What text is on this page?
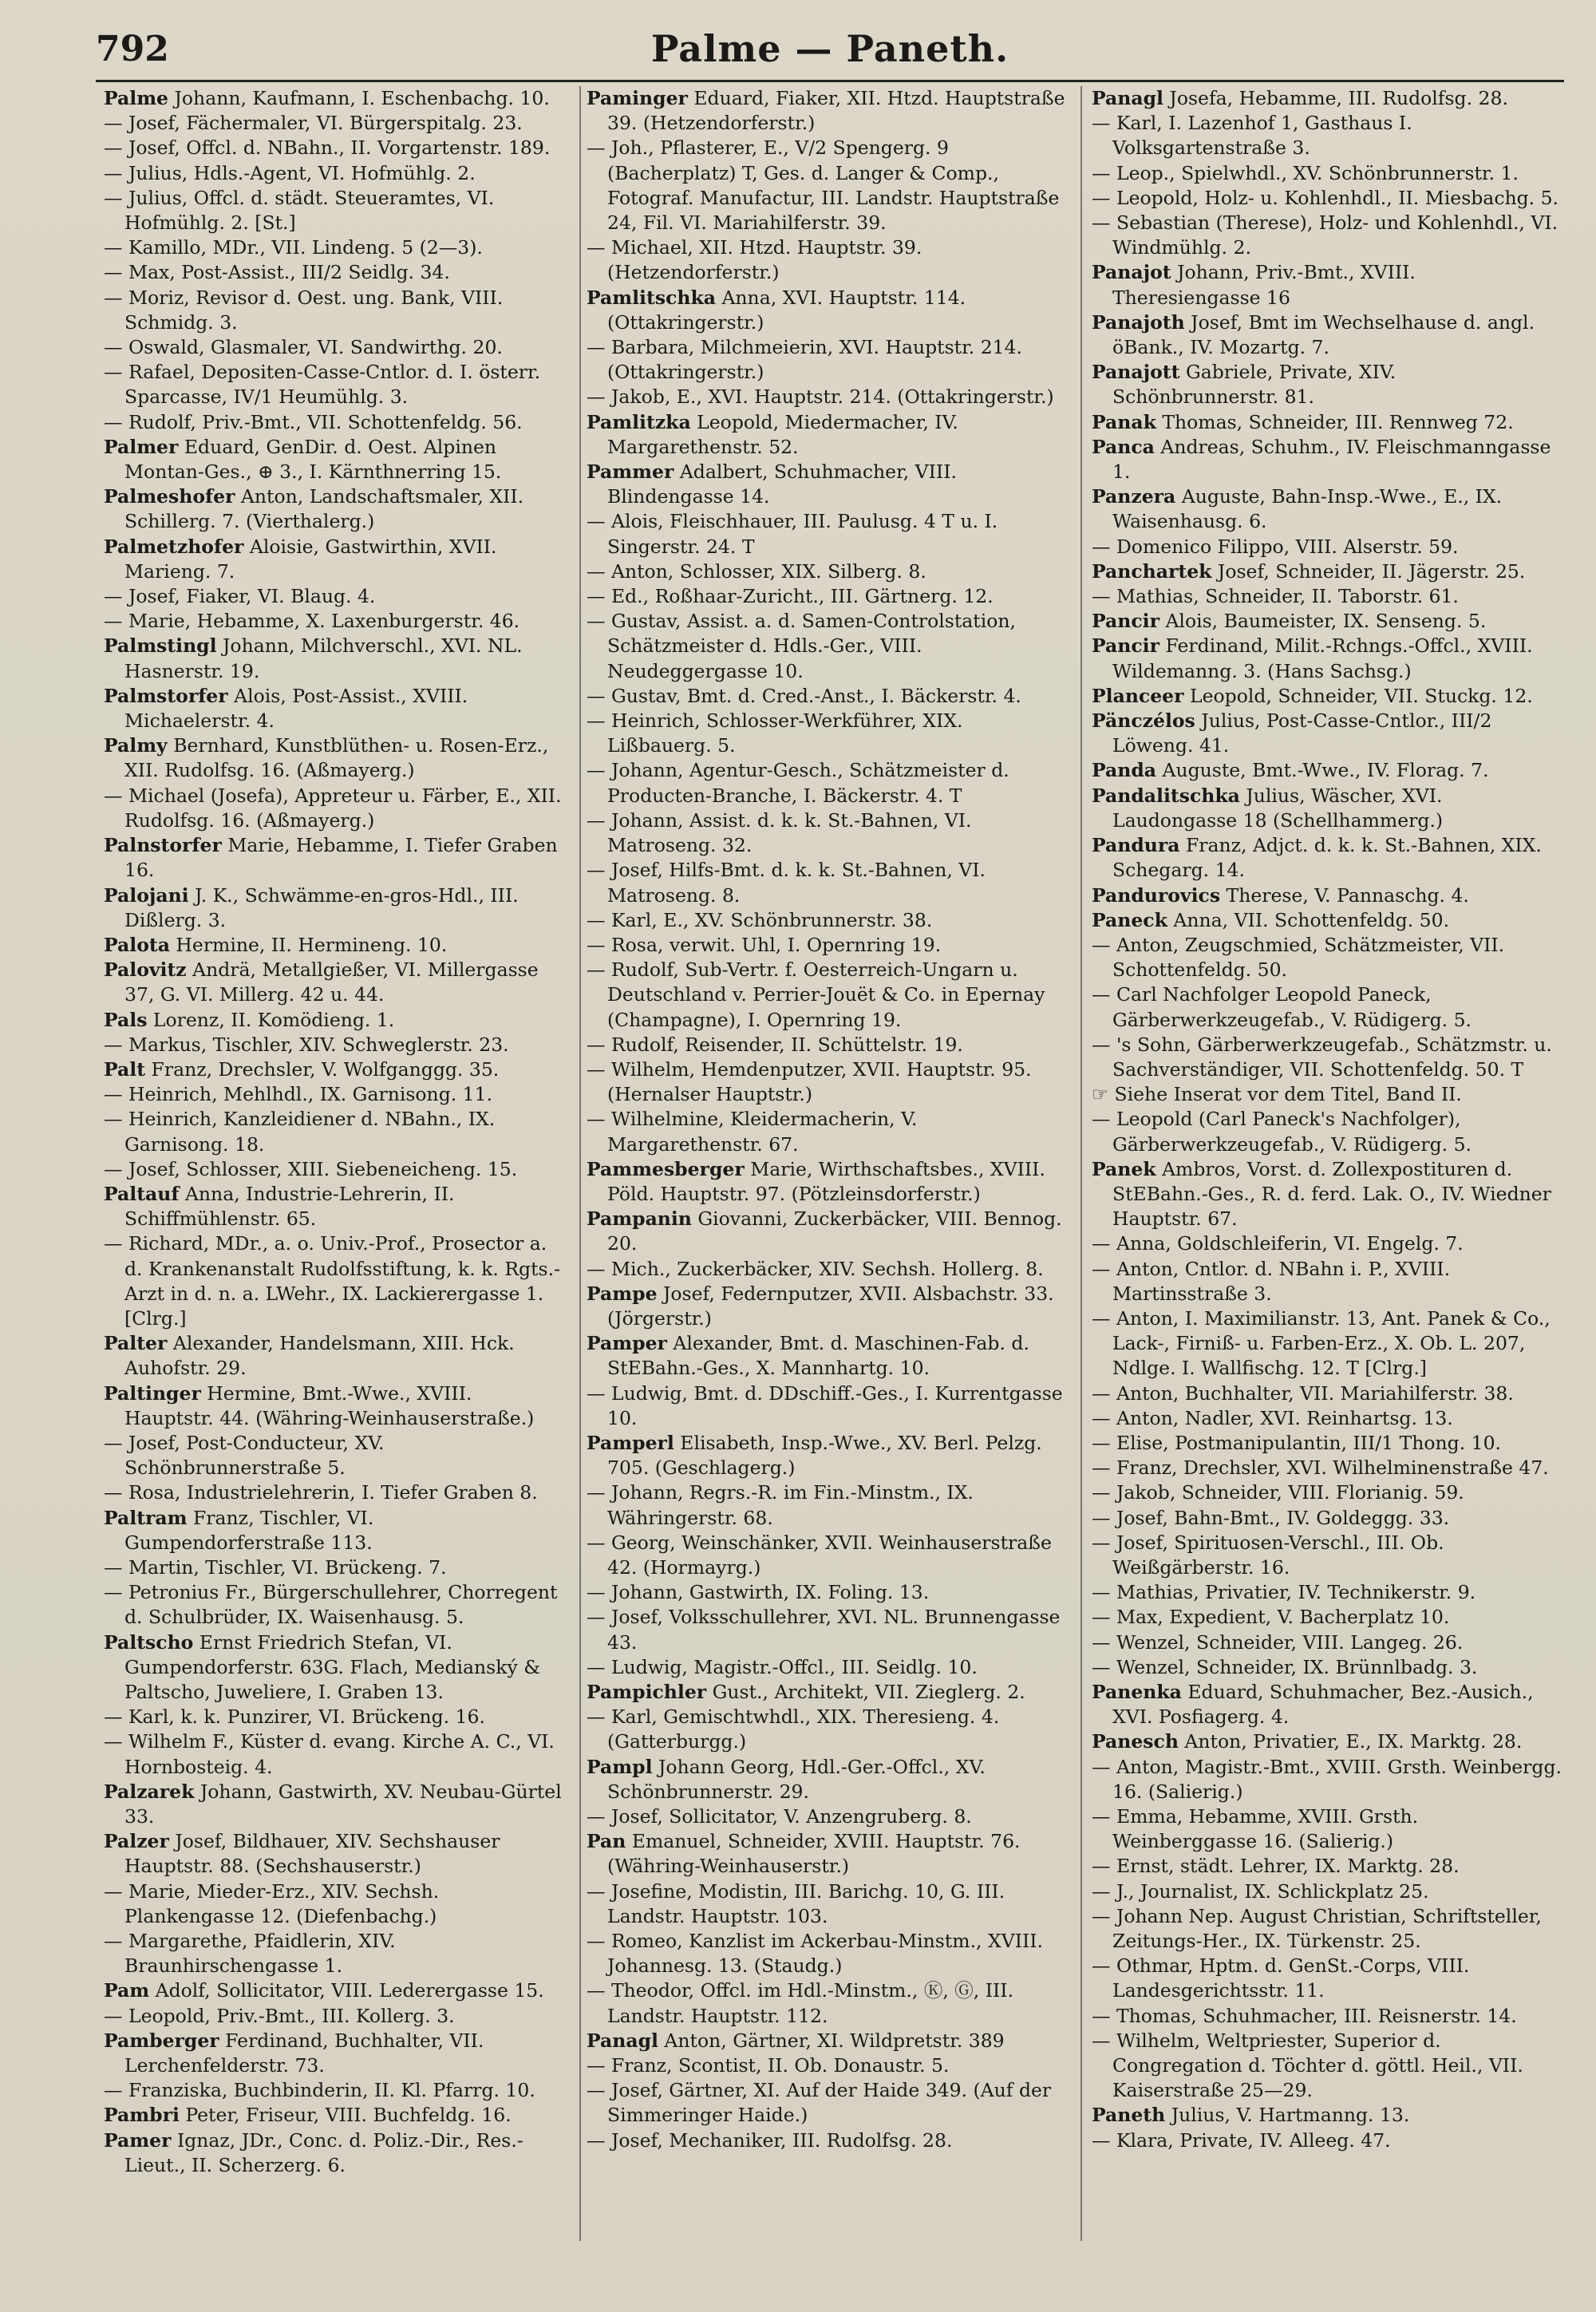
792	Palme — Paneth.

Palme Johann, Kaufmann, I. Eschenbachg. 10.

— Josef, Fächermaler, VI. Bürgerspitalg. 23.

— Josef, Offcl. d. NBahn., II. Vorgartenstr. 189.

— Julius, Hdls.-Agent, VI. Hofmühlg. 2.

— Julius, Offcl. d. städt. Steueramtes, VI. Hofmühlg. 2. [St.]

— Kamillo, MDr., VII. Lindeng. 5 (2—3).

— Max, Post-Assist., III/2 Seidlg. 34.

— Moriz, Revisor d. Oest. ung. Bank, VIII. Schmidg. 3.

— Oswald, Glasmaler, VI. Sandwirthg. 20.

— Rafael, Depositen-Casse-Cntlor. d. I. österr. Sparcasse, IV/1 Heumühlg. 3.

— Rudolf, Priv.-Bmt., VII. Schottenfeldg. 56.

Palmer Eduard, GenDir. d. Oest. Alpinen Montan-Ges., ⊕ 3., I. Kärnthnerring 15.

Palmeshofer Anton, Landschaftsmaler, XII. Schillerg. 7. (Vierthalerg.)

Palmetzhofer Aloisie, Gastwirthin, XVII. Marieng. 7.

— Josef, Fiaker, VI. Blaug. 4.

— Marie, Hebamme, X. Laxenburgerstr. 46.

Palmstingl Johann, Milchverschl., XVI. NL. Hasnerstr. 19.

Palmstorfer Alois, Post-Assist., XVIII. Michaelerstr. 4.

Palmy Bernhard, Kunstblüthen- u. Rosen-Erz., XII. Rudolfsg. 16. (Aßmayerg.)

— Michael (Josefa), Appreteur u. Färber, E., XII. Rudolfsg. 16. (Aßmayerg.)

Palnstorfer Marie, Hebamme, I. Tiefer Graben 16.

Palojani J. K., Schwämme-en-gros-Hdl., III. Dißlerg. 3.

Palota Hermine, II. Hermineng. 10.

Palovitz Andrä, Metallgießer, VI. Millergasse 37, G. VI. Millerg. 42 u. 44.

Pals Lorenz, II. Komödieng. 1.

— Markus, Tischler, XIV. Schweglerstr. 23.

Palt Franz, Drechsler, V. Wolfganggg. 35.

— Heinrich, Mehlhdl., IX. Garnisong. 11.

— Heinrich, Kanzleidiener d. NBahn., IX. Garnisong. 18.

— Josef, Schlosser, XIII. Siebeneicheng. 15.

Paltauf Anna, Industrie-Lehrerin, II. Schiffmühlenstr. 65.

— Richard, MDr., a. o. Univ.-Prof., Prosector a. d. Krankenanstalt Rudolfsstiftung, k. k. Rgts.-Arzt in d. n. a. LWehr., IX. Lackierergasse 1. [Clrg.]

Palter Alexander, Handelsmann, XIII. Hck. Auhofstr. 29.

Paltinger Hermine, Bmt.-Wwe., XVIII. Hauptstr. 44. (Währing-Weinhauserstraße.)

— Josef, Post-Conducteur, XV. Schönbrunnerstraße 5.

— Rosa, Industrielehrerin, I. Tiefer Graben 8.

Paltram Franz, Tischler, VI. Gumpendorferstraße 113.

— Martin, Tischler, VI. Brückeng. 7.

— Petronius Fr., Bürgerschullehrer, Chorregent d. Schulbrüder, IX. Waisenhausg. 5.

Paltscho Ernst Friedrich Stefan, VI. Gumpendorferstr. 63G. Flach, Medianský & Paltscho, Juweliere, I. Graben 13.

— Karl, k. k. Punzirer, VI. Brückeng. 16.

— Wilhelm F., Küster d. evang. Kirche A. C., VI. Hornbosteig. 4.

Palzarek Johann, Gastwirth, XV. Neubau-Gürtel 33.

Palzer Josef, Bildhauer, XIV. Sechshauser Hauptstr. 88. (Sechshauserstr.)

— Marie, Mieder-Erz., XIV. Sechsh. Plankengasse 12. (Diefenbachg.)

— Margarethe, Pfaidlerin, XIV. Braunhirschengasse 1.

Pam Adolf, Sollicitator, VIII. Lederergasse 15.

— Leopold, Priv.-Bmt., III. Kollerg. 3.

Pamberger Ferdinand, Buchhalter, VII. Lerchenfelderstr. 73.

— Franziska, Buchbinderin, II. Kl. Pfarrg. 10.

Pambri Peter, Friseur, VIII. Buchfeldg. 16.

Pamer Ignaz, JDr., Conc. d. Poliz.-Dir., Res.-Lieut., II. Scherzerg. 6.

Paminger Eduard, Fiaker, XII. Htzd. Hauptstraße 39. (Hetzendorferstr.)

— Joh., Pflasterer, E., V/2 Spengerg. 9 (Bacherplatz) T, Ges. d. Langer & Comp., Fotograf. Manufactur, III. Landstr. Hauptstraße 24, Fil. VI. Mariahilferstr. 39.

— Michael, XII. Htzd. Hauptstr. 39. (Hetzendorferstr.)

Pamlitschka Anna, XVI. Hauptstr. 114. (Ottakringerstr.)

— Barbara, Milchmeierin, XVI. Hauptstr. 214. (Ottakringerstr.)

— Jakob, E., XVI. Hauptstr. 214. (Ottakringerstr.)

Pamlitzka Leopold, Miedermacher, IV. Margarethenstr. 52.

Pammer Adalbert, Schuhmacher, VIII. Blindengasse 14.

— Alois, Fleischhauer, III. Paulusg. 4 T u. I. Singerstr. 24. T

— Anton, Schlosser, XIX. Silberg. 8.

— Ed., Roßhaar-Zuricht., III. Gärtnerg. 12.

— Gustav, Assist. a. d. Samen-Controlstation, Schätzmeister d. Hdls.-Ger., VIII. Neudeggergasse 10.

— Gustav, Bmt. d. Cred.-Anst., I. Bäckerstr. 4.

— Heinrich, Schlosser-Werkführer, XIX. Lißbauerg. 5.

— Johann, Agentur-Gesch., Schätzmeister d. Producten-Branche, I. Bäckerstr. 4. T

— Johann, Assist. d. k. k. St.-Bahnen, VI. Matroseng. 32.

— Josef, Hilfs-Bmt. d. k. k. St.-Bahnen, VI. Matroseng. 8.

— Karl, E., XV. Schönbrunnerstr. 38.

— Rosa, verwit. Uhl, I. Opernring 19.

— Rudolf, Sub-Vertr. f. Oesterreich-Ungarn u. Deutschland v. Perrier-Jouët & Co. in Epernay (Champagne), I. Opernring 19.

— Rudolf, Reisender, II. Schüttelstr. 19.

— Wilhelm, Hemdenputzer, XVII. Hauptstr. 95. (Hernalser Hauptstr.)

— Wilhelmine, Kleidermacherin, V. Margarethenstr. 67.

Pammesberger Marie, Wirthschaftsbes., XVIII. Pöld. Hauptstr. 97. (Pötzleinsdorferstr.)

Pampanin Giovanni, Zuckerbäcker, VIII. Bennog. 20.

— Mich., Zuckerbäcker, XIV. Sechsh. Hollerg. 8.

Pampe Josef, Federnputzer, XVII. Alsbachstr. 33. (Jörgerstr.)

Pamper Alexander, Bmt. d. Maschinen-Fab. d. StEBahn.-Ges., X. Mannhartg. 10.

— Ludwig, Bmt. d. DDschiff.-Ges., I. Kurrentgasse 10.

Pamperl Elisabeth, Insp.-Wwe., XV. Berl. Pelzg. 705. (Geschlagerg.)

— Johann, Regrs.-R. im Fin.-Minstm., IX. Währingerstr. 68.

— Georg, Weinschänker, XVII. Weinhauserstraße 42. (Hormayrg.)

— Johann, Gastwirth, IX. Foling. 13.

— Josef, Volksschullehrer, XVI. NL. Brunnengasse 43.

— Ludwig, Magistr.-Offcl., III. Seidlg. 10.

Pampichler Gust., Architekt, VII. Zieglerg. 2.

— Karl, Gemischtwhdl., XIX. Theresieng. 4. (Gatterburgg.)

Pampl Johann Georg, Hdl.-Ger.-Offcl., XV. Schönbrunnerstr. 29.

— Josef, Sollicitator, V. Anzengruberg. 8.

Pan Emanuel, Schneider, XVIII. Hauptstr. 76. (Währing-Weinhauserstr.)

— Josefine, Modistin, III. Barichg. 10, G. III. Landstr. Hauptstr. 103.

— Romeo, Kanzlist im Ackerbau-Minstm., XVIII. Johannesg. 13. (Staudg.)

— Theodor, Offcl. im Hdl.-Minstm., Ⓚ, Ⓖ, III. Landstr. Hauptstr. 112.

Panagl Anton, Gärtner, XI. Wildpretstr. 389

— Franz, Scontist, II. Ob. Donaustr. 5.

— Josef, Gärtner, XI. Auf der Haide 349. (Auf der Simmeringer Haide.)

— Josef, Mechaniker, III. Rudolfsg. 28.

Panagl Josefa, Hebamme, III. Rudolfsg. 28.

— Karl, I. Lazenhof 1, Gasthaus I. Volksgartenstraße 3.

— Leop., Spielwhdl., XV. Schönbrunnerstr. 1.

— Leopold, Holz- u. Kohlenhdl., II. Miesbachg. 5.

— Sebastian (Therese), Holz- und Kohlenhdl., VI. Windmühlg. 2.

Panajot Johann, Priv.-Bmt., XVIII. Theresiengasse 16

Panajoth Josef, Bmt im Wechselhause d. angl. öBank., IV. Mozartg. 7.

Panajott Gabriele, Private, XIV. Schönbrunnerstr. 81.

Panak Thomas, Schneider, III. Rennweg 72.

Panca Andreas, Schuhm., IV. Fleischmanngasse 1.

Panzera Auguste, Bahn-Insp.-Wwe., E., IX. Waisenhausg. 6.

— Domenico Filippo, VIII. Alserstr. 59.

Panchartek Josef, Schneider, II. Jägerstr. 25.

— Mathias, Schneider, II. Taborstr. 61.

Pancir Alois, Baumeister, IX. Senseng. 5.

Pancir Ferdinand, Milit.-Rchngs.-Offcl., XVIII. Wildemanng. 3. (Hans Sachsg.)

Planceer Leopold, Schneider, VII. Stuckg. 12.

Pänczélos Julius, Post-Casse-Cntlor., III/2 Löweng. 41.

Panda Auguste, Bmt.-Wwe., IV. Florag. 7.

Pandalitschka Julius, Wäscher, XVI. Laudongasse 18 (Schellhammerg.)

Pandura Franz, Adjct. d. k. k. St.-Bahnen, XIX. Schegarg. 14.

Pandurovics Therese, V. Pannaschg. 4.

Paneck Anna, VII. Schottenfeldg. 50.

— Anton, Zeugschmied, Schätzmeister, VII. Schottenfeldg. 50.

— Carl Nachfolger Leopold Paneck, Gärberwerkzeugefab., V. Rüdigerg. 5.

— 's Sohn, Gärberwerkzeugefab., Schätzmstr. u. Sachverständiger, VII. Schottenfeldg. 50. T

☞ Siehe Inserat vor dem Titel, Band II.

— Leopold (Carl Paneck's Nachfolger), Gärberwerkzeugefab., V. Rüdigerg. 5.

Panek Ambros, Vorst. d. Zollexpostituren d. StEBahn.-Ges., R. d. ferd. Lak. O., IV. Wiedner Hauptstr. 67.

— Anna, Goldschleiferin, VI. Engelg. 7.

— Anton, Cntlor. d. NBahn i. P., XVIII. Martinsstraße 3.

— Anton, I. Maximilianstr. 13, Ant. Panek & Co., Lack-, Firniß- u. Farben-Erz., X. Ob. L. 207, Ndlge. I. Wallfischg. 12. T [Clrg.]

— Anton, Buchhalter, VII. Mariahilferstr. 38.

— Anton, Nadler, XVI. Reinhartsg. 13.

— Elise, Postmanipulantin, III/1 Thong. 10.

— Franz, Drechsler, XVI. Wilhelminenstraße 47.

— Jakob, Schneider, VIII. Florianig. 59.

— Josef, Bahn-Bmt., IV. Goldeggg. 33.

— Josef, Spirituosen-Verschl., III. Ob. Weißgärberstr. 16.

— Mathias, Privatier, IV. Technikerstr. 9.

— Max, Expedient, V. Bacherplatz 10.

— Wenzel, Schneider, VIII. Langeg. 26.

— Wenzel, Schneider, IX. Brünnlbadg. 3.

Panenka Eduard, Schuhmacher, Bez.-Ausich., XVI. Posfiagerg. 4.

Panesch Anton, Privatier, E., IX. Marktg. 28.

— Anton, Magistr.-Bmt., XVIII. Grsth. Weinbergg. 16. (Salierig.)

— Emma, Hebamme, XVIII. Grsth. Weinberggasse 16. (Salierig.)

— Ernst, städt. Lehrer, IX. Marktg. 28.

— J., Journalist, IX. Schlickplatz 25.

— Johann Nep. August Christian, Schriftsteller, Zeitungs-Her., IX. Türkenstr. 25.

— Othmar, Hptm. d. GenSt.-Corps, VIII. Landesgerichtsstr. 11.

— Thomas, Schuhmacher, III. Reisnerstr. 14.

— Wilhelm, Weltpriester, Superior d. Congregation d. Töchter d. göttl. Heil., VII. Kaiserstraße 25—29.

Paneth Julius, V. Hartmanng. 13.

— Klara, Private, IV. Alleeg. 47.
